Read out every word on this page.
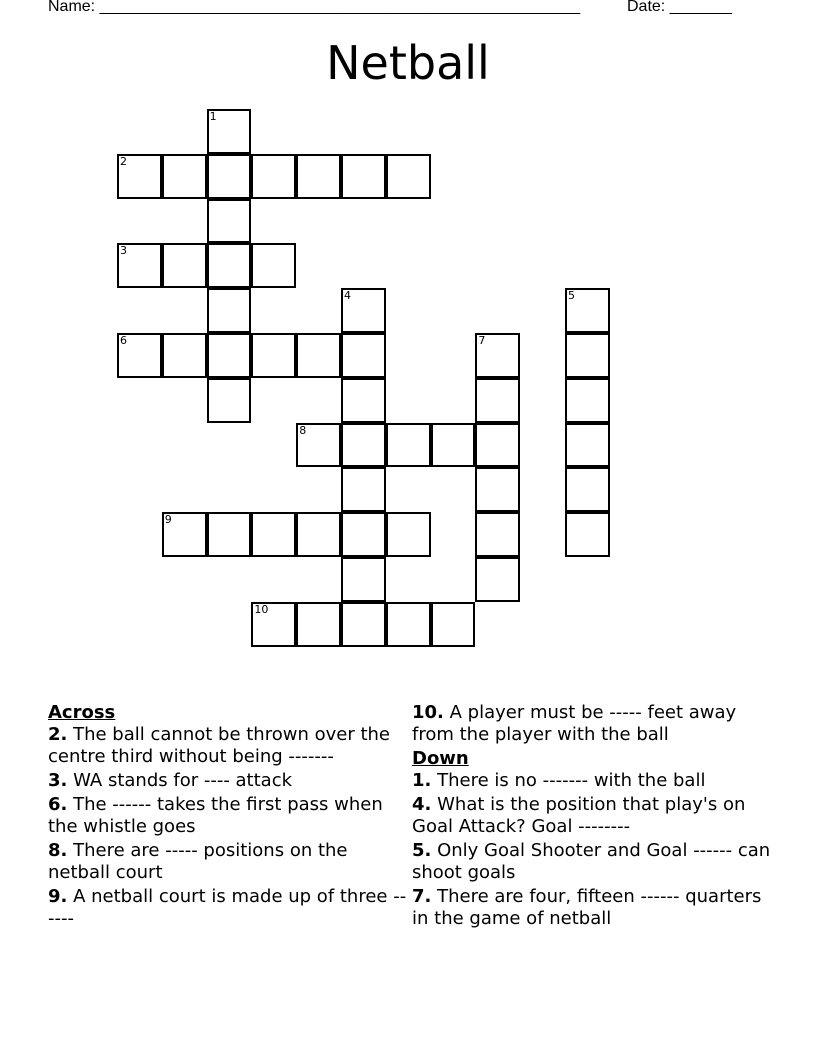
Name: ______________________________________________________	Date: _______
Netball
1
2
3
4	5
6	7
8
9
10
Across
2. The ball cannot be thrown over the centre third without being -------
3. WA stands for ---- attack
6. The ------ takes the first pass when the whistle goes
8. There are ----- positions on the netball court
9. A netball court is made up of three ------
10. A player must be ----- feet away from the player with the ball
Down
1. There is no ------- with the ball
4. What is the position that play's on Goal Attack? Goal --------
5. Only Goal Shooter and Goal ------ can shoot goals
7. There are four, fifteen ------ quarters in the game of netball
